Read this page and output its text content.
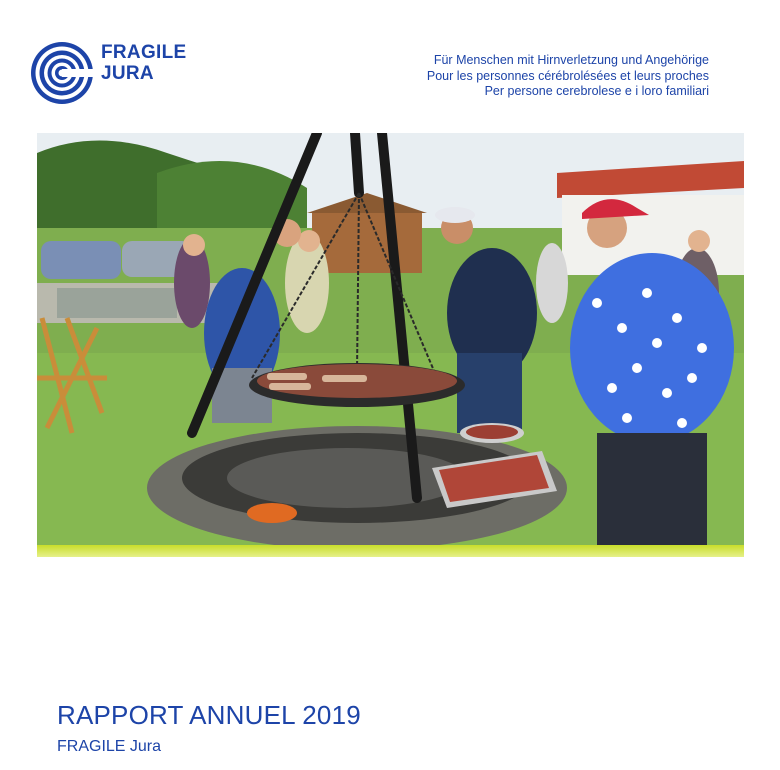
FRAGILE
JURA
Für Menschen mit Hirnverletzung und Angehörige
Pour les personnes cérébrolésées et leurs proches
Per persone cerebrolese e i loro familiari
RAPPORT ANNUEL 2019
FRAGILE Jura
